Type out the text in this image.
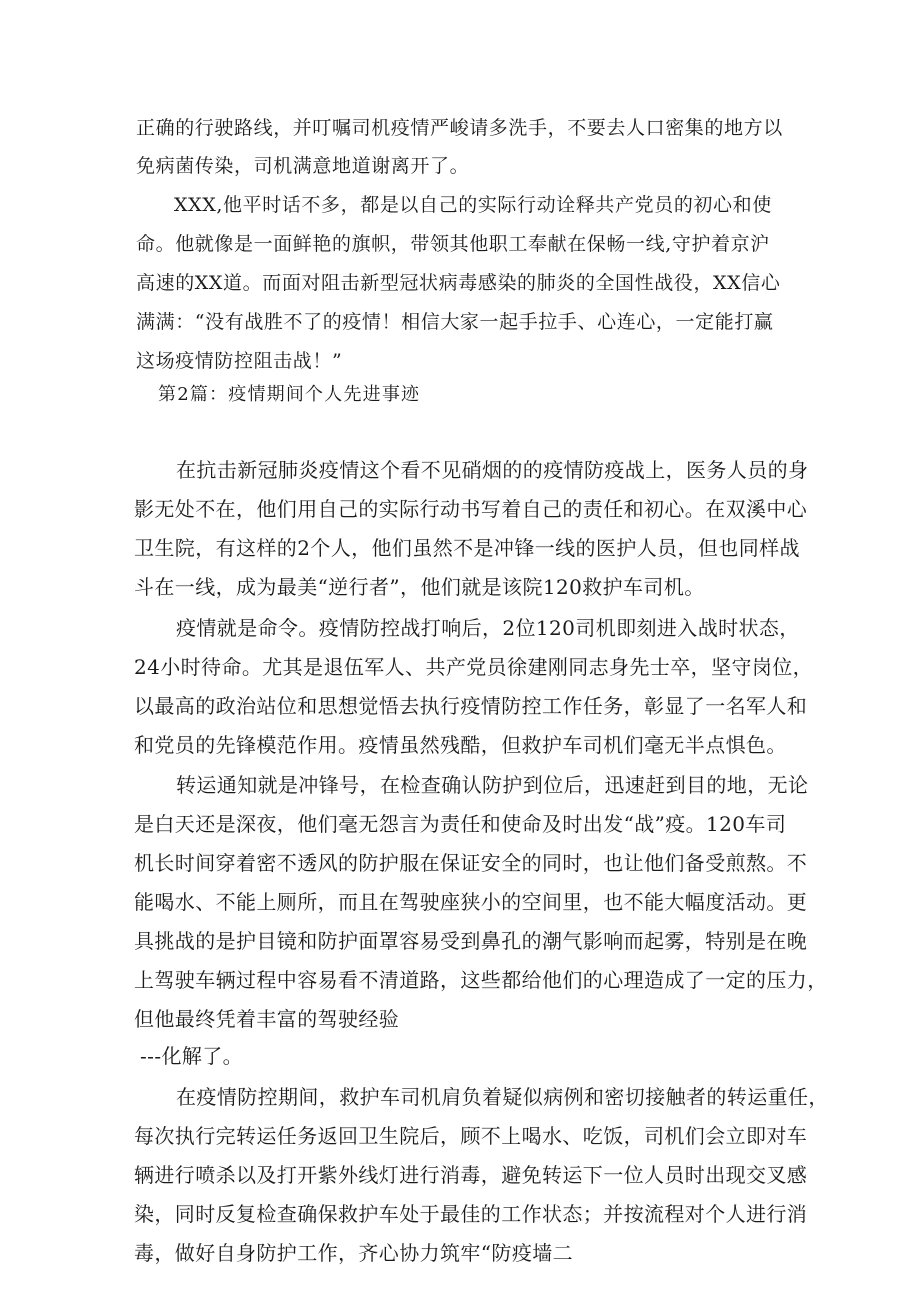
正确的行驶路线，并叮嘱司机疫情严峻请多洗手，不要去人口密集的地方以
免病菌传染，司机满意地道谢离开了。
XXX,他平时话不多，都是以自己的实际行动诠释共产党员的初心和使
命。他就像是一面鲜艳的旗帜，带领其他职工奉献在保畅一线,守护着京沪
高速的XX道。而面对阻击新型冠状病毒感染的肺炎的全国性战役，XX信心
满满：“没有战胜不了的疫情！相信大家一起手拉手、心连心，一定能打赢
这场疫情防控阻击战！”
第2篇：疫情期间个人先进事迹
在抗击新冠肺炎疫情这个看不见硝烟的的疫情防疫战上，医务人员的身
影无处不在，他们用自己的实际行动书写着自己的责任和初心。在双溪中心
卫生院，有这样的2个人，他们虽然不是冲锋一线的医护人员，但也同样战
斗在一线，成为最美“逆行者”，他们就是该院120救护车司机。
疫情就是命令。疫情防控战打响后，2位120司机即刻进入战时状态，
24小时待命。尤其是退伍军人、共产党员徐建刚同志身先士卒，坚守岗位，
以最高的政治站位和思想觉悟去执行疫情防控工作任务，彰显了一名军人和
和党员的先锋模范作用。疫情虽然残酷，但救护车司机们毫无半点惧色。
转运通知就是冲锋号，在检查确认防护到位后，迅速赶到目的地，无论
是白天还是深夜，他们毫无怨言为责任和使命及时出发“战”疫。120车司
机长时间穿着密不透风的防护服在保证安全的同时，也让他们备受煎熬。不
能喝水、不能上厕所，而且在驾驶座狭小的空间里，也不能大幅度活动。更
具挑战的是护目镜和防护面罩容易受到鼻孔的潮气影响而起雾，特别是在晚
上驾驶车辆过程中容易看不清道路，这些都给他们的心理造成了一定的压力，
但他最终凭着丰富的驾驶经验
---化解了。
在疫情防控期间，救护车司机肩负着疑似病例和密切接触者的转运重任，
每次执行完转运任务返回卫生院后，顾不上喝水、吃饭，司机们会立即对车
辆进行喷杀以及打开紫外线灯进行消毒，避免转运下一位人员时出现交叉感
染，同时反复检查确保救护车处于最佳的工作状态；并按流程对个人进行消
毒，做好自身防护工作，齐心协力筑牢“防疫墙二
